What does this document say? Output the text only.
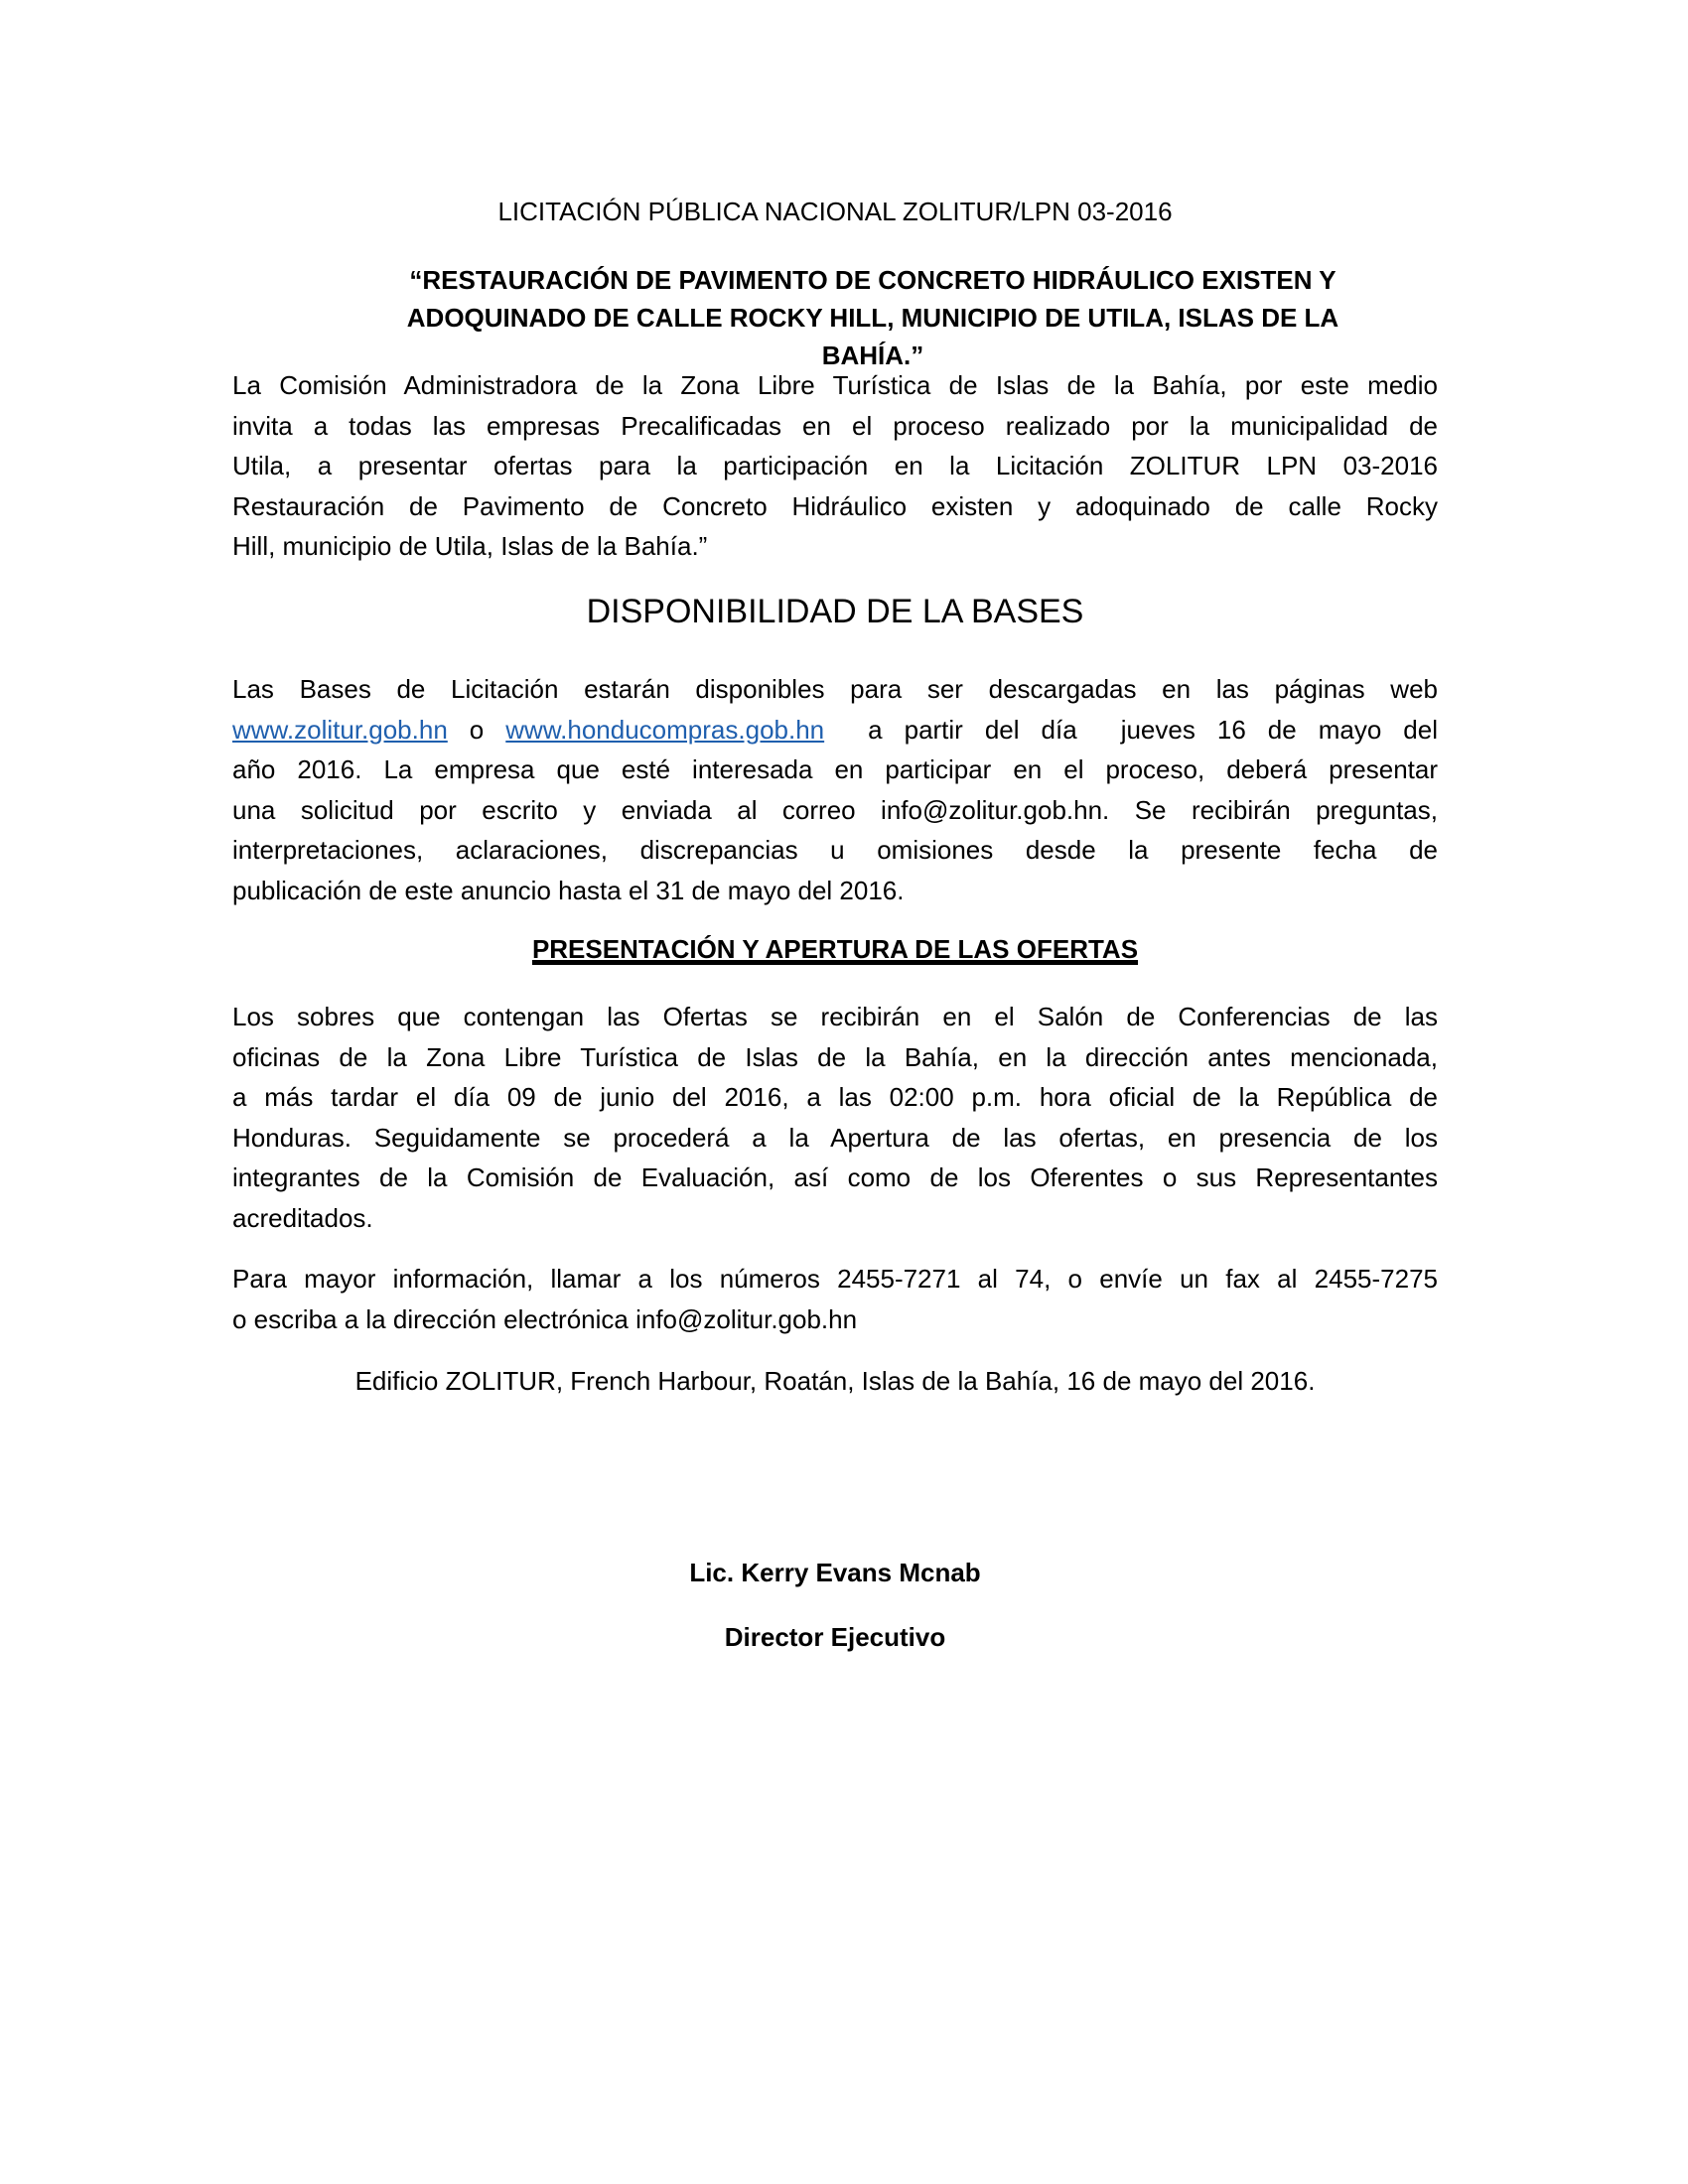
LICITACIÓN PÚBLICA NACIONAL ZOLITUR/LPN 03-2016
“RESTAURACIÓN DE PAVIMENTO DE CONCRETO HIDRÁULICO EXISTEN Y
ADOQUINADO DE CALLE ROCKY HILL, MUNICIPIO DE UTILA, ISLAS DE LA
BAHÍA.”
La Comisión Administradora de la Zona Libre Turística de Islas de la Bahía, por este medio
invita a todas las empresas Precalificadas en el proceso realizado por la municipalidad de
Utila, a presentar ofertas para la participación en la Licitación ZOLITUR LPN 03-2016
Restauración de Pavimento de Concreto Hidráulico existen y adoquinado de calle Rocky
Hill, municipio de Utila, Islas de la Bahía.”
DISPONIBILIDAD DE LA BASES
Las Bases de Licitación estarán disponibles para ser descargadas en las páginas web
www.zolitur.gob.hn o www.honducompras.gob.hn  a partir del día  jueves 16 de mayo del
año 2016. La empresa que esté interesada en participar en el proceso, deberá presentar
una solicitud por escrito y enviada al correo info@zolitur.gob.hn. Se recibirán preguntas,
interpretaciones, aclaraciones, discrepancias u omisiones desde la presente fecha de
publicación de este anuncio hasta el 31 de mayo del 2016.
PRESENTACIÓN Y APERTURA DE LAS OFERTAS
Los sobres que contengan las Ofertas se recibirán en el Salón de Conferencias de las
oficinas de la Zona Libre Turística de Islas de la Bahía, en la dirección antes mencionada,
a más tardar el día 09 de junio del 2016, a las 02:00 p.m. hora oficial de la República de
Honduras. Seguidamente se procederá a la Apertura de las ofertas, en presencia de los
integrantes de la Comisión de Evaluación, así como de los Oferentes o sus Representantes
acreditados.
Para mayor información, llamar a los números 2455-7271 al 74, o envíe un fax al 2455-7275
o escriba a la dirección electrónica info@zolitur.gob.hn
Edificio ZOLITUR, French Harbour, Roatán, Islas de la Bahía, 16 de mayo del 2016.
Lic. Kerry Evans Mcnab
Director Ejecutivo
